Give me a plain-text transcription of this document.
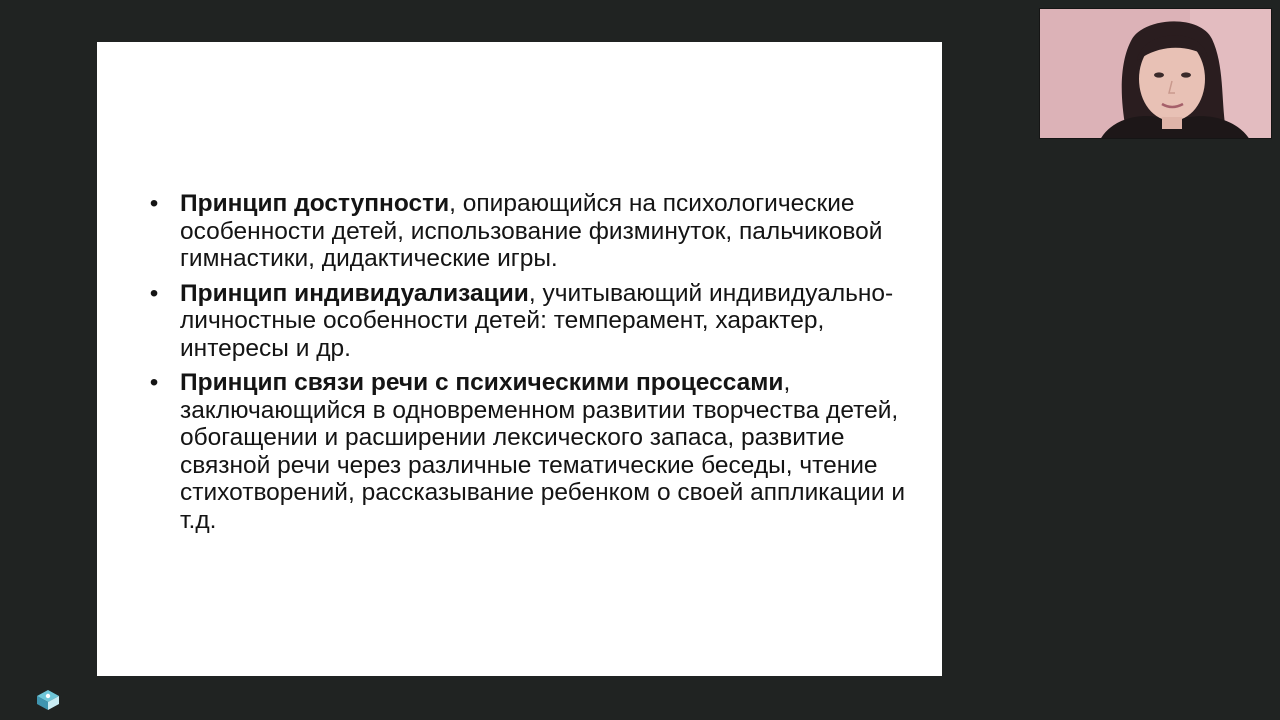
• Принцип доступности, опирающийся на психологические особенности детей, использование физминуток, пальчиковой гимнастики, дидактические игры.
• Принцип индивидуализации, учитывающий индивидуально-личностные особенности детей: темперамент, характер, интересы и др.
• Принцип связи речи с психическими процессами, заключающийся в одновременном развитии творчества детей, обогащении и расширении лексического запаса, развитие связной речи через различные тематические беседы, чтение стихотворений, рассказывание ребенком о своей аппликации и т.д.
